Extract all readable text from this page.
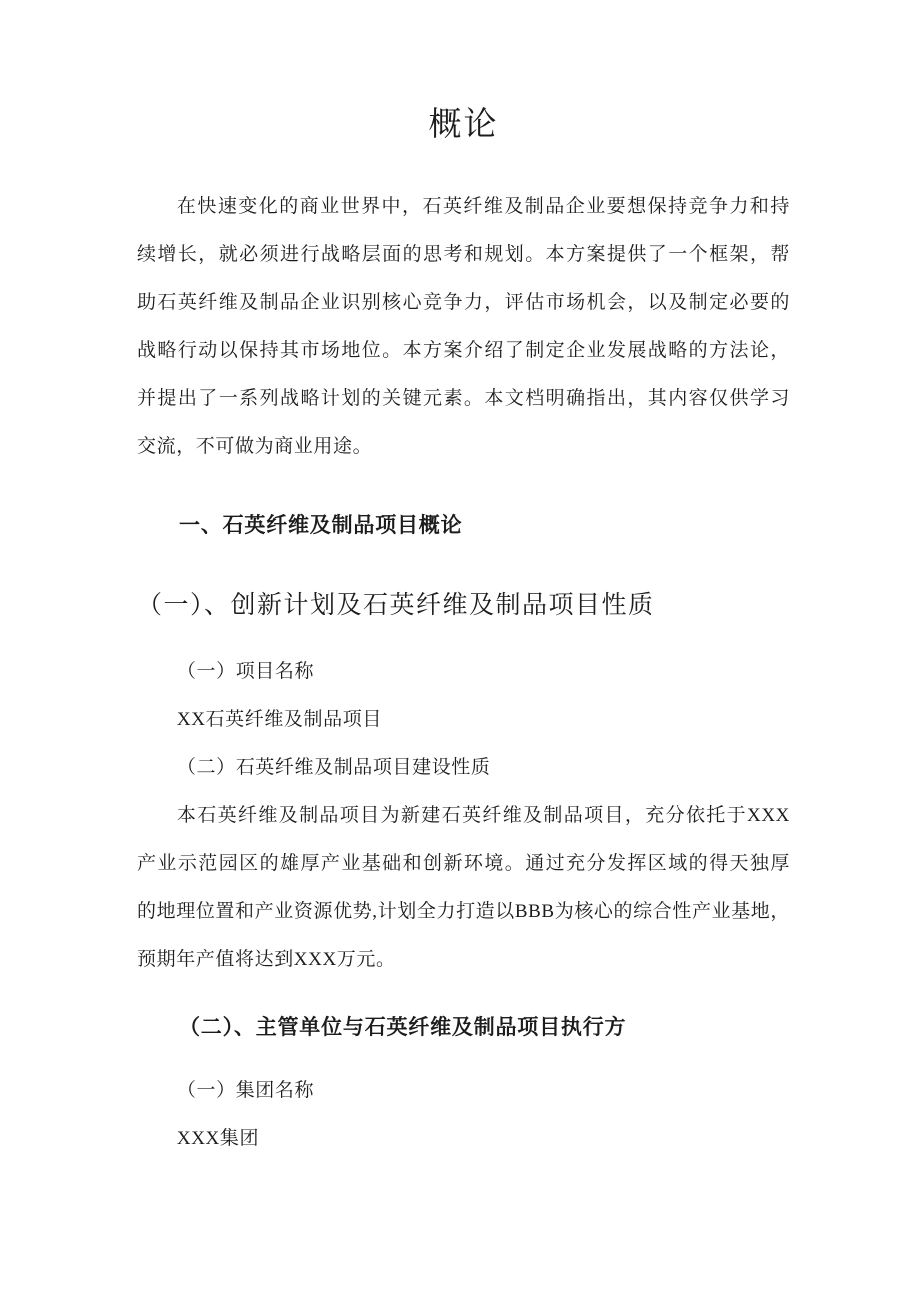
概论
在快速变化的商业世界中，石英纤维及制品企业要想保持竞争力和持
续增长，就必须进行战略层面的思考和规划。本方案提供了一个框架，帮
助石英纤维及制品企业识别核心竞争力，评估市场机会，以及制定必要的
战略行动以保持其市场地位。本方案介绍了制定企业发展战略的方法论，
并提出了一系列战略计划的关键元素。本文档明确指出，其内容仅供学习
交流，不可做为商业用途。
一、石英纤维及制品项目概论
（一）、创新计划及石英纤维及制品项目性质
（一）项目名称
XX石英纤维及制品项目
（二）石英纤维及制品项目建设性质
本石英纤维及制品项目为新建石英纤维及制品项目，充分依托于XXX
产业示范园区的雄厚产业基础和创新环境。通过充分发挥区域的得天独厚
的地理位置和产业资源优势,计划全力打造以BBB为核心的综合性产业基地，
预期年产值将达到XXX万元。
（二）、主管单位与石英纤维及制品项目执行方
（一）集团名称
XXX集团
